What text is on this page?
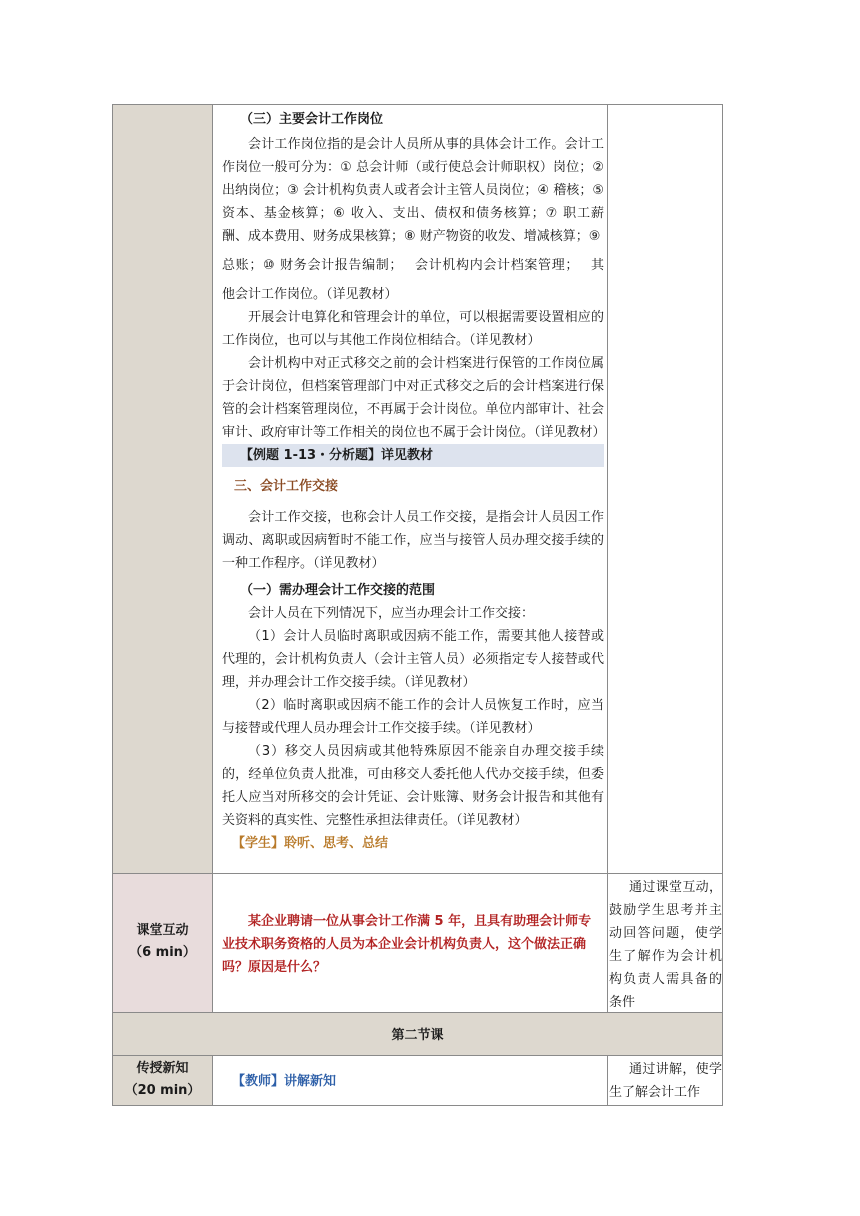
（三）主要会计工作岗位

会计工作岗位指的是会计人员所从事的具体会计工作。会计工作岗位一般可分为：① 总会计师（或行使总会计师职权）岗位；② 出纳岗位；③ 会计机构负责人或者会计主管人员岗位；④ 稽核；⑤ 资本、基金核算；⑥ 收入、支出、债权和债务核算；⑦ 职工薪酬、成本费用、财务成果核算；⑧ 财产物资的收发、增减核算；⑨

总账；⑩ 财务会计报告编制；　 会计机构内会计档案管理；　 其

他会计工作岗位。（详见教材）

开展会计电算化和管理会计的单位，可以根据需要设置相应的工作岗位，也可以与其他工作岗位相结合。（详见教材）

会计机构中对正式移交之前的会计档案进行保管的工作岗位属于会计岗位，但档案管理部门中对正式移交之后的会计档案进行保管的会计档案管理岗位，不再属于会计岗位。单位内部审计、社会审计、政府审计等工作相关的岗位也不属于会计岗位。（详见教材）

【例题 1-13・分析题】详见教材

三、会计工作交接

会计工作交接，也称会计人员工作交接，是指会计人员因工作调动、离职或因病暂时不能工作，应当与接管人员办理交接手续的一种工作程序。（详见教材）

（一）需办理会计工作交接的范围

会计人员在下列情况下，应当办理会计工作交接：

（1）会计人员临时离职或因病不能工作，需要其他人接替或代理的，会计机构负责人（会计主管人员）必须指定专人接替或代理，并办理会计工作交接手续。（详见教材）

（2）临时离职或因病不能工作的会计人员恢复工作时，应当与接替或代理人员办理会计工作交接手续。（详见教材）

（3）移交人员因病或其他特殊原因不能亲自办理交接手续的，经单位负责人批准，可由移交人委托他人代办交接手续，但委托人应当对所移交的会计凭证、会计账簿、财务会计报告和其他有关资料的真实性、完整性承担法律责任。（详见教材）

【学生】聆听、思考、总结

课堂互动
（6 min）
某企业聘请一位从事会计工作满 5 年，且具有助理会计师专业技术职务资格的人员为本企业会计机构负责人，这个做法正确吗？原因是什么？
通过课堂互动，鼓励学生思考并主动回答问题，使学生了解作为会计机构负责人需具备的条件
第二节课
传授新知
（20 min）
【教师】讲解新知
通过讲解，使学生了解会计工作
